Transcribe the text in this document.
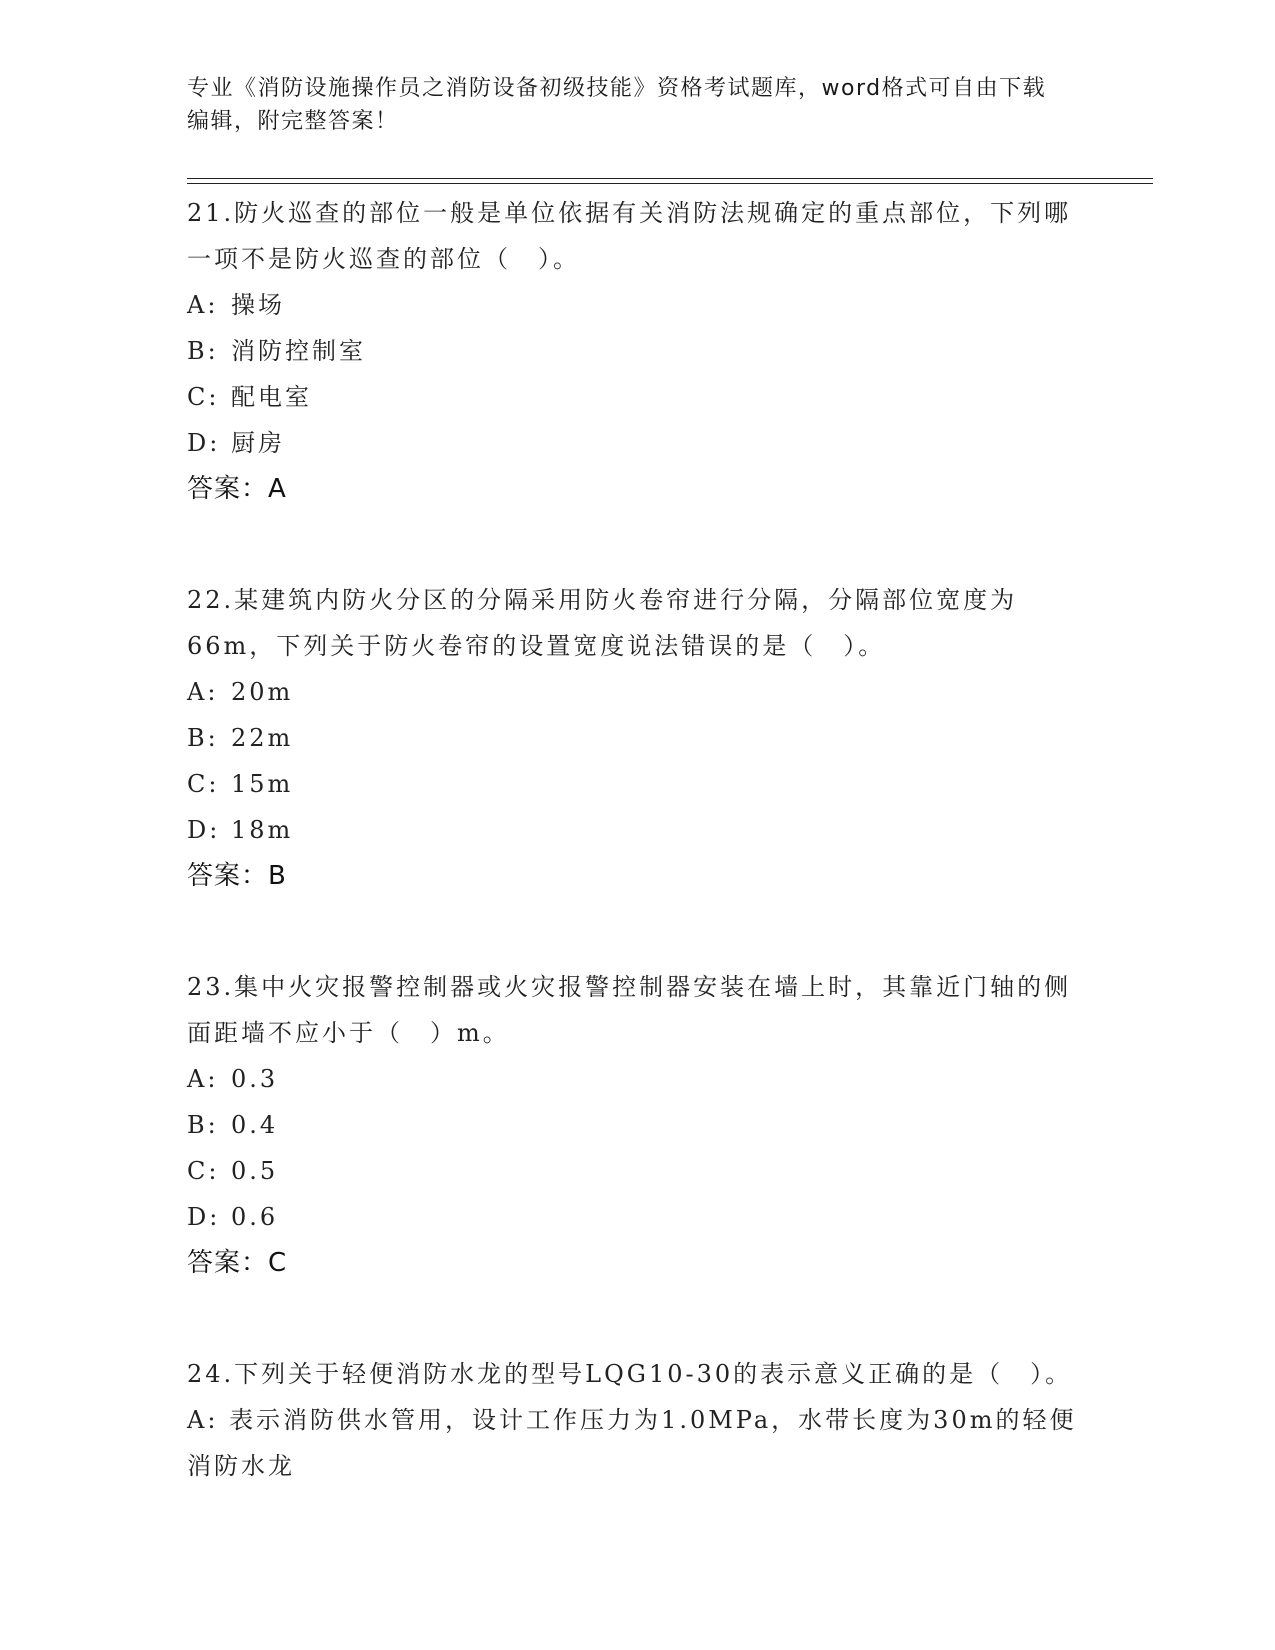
专业《消防设施操作员之消防设备初级技能》资格考试题库，word格式可自由下载编辑，附完整答案！

21.防火巡查的部位一般是单位依据有关消防法规确定的重点部位，下列哪一项不是防火巡查的部位（　）。

A: 操场

B: 消防控制室

C: 配电室

D: 厨房

答案：A

22.某建筑内防火分区的分隔采用防火卷帘进行分隔，分隔部位宽度为66m，下列关于防火卷帘的设置宽度说法错误的是（　）。

A: 20m

B: 22m

C: 15m

D: 18m

答案：B

23.集中火灾报警控制器或火灾报警控制器安装在墙上时，其靠近门轴的侧面距墙不应小于（　）m。

A: 0.3

B: 0.4

C: 0.5

D: 0.6

答案：C

24.下列关于轻便消防水龙的型号LQG10-30的表示意义正确的是（　）。

A: 表示消防供水管用，设计工作压力为1.0MPa，水带长度为30m的轻便消防水龙
